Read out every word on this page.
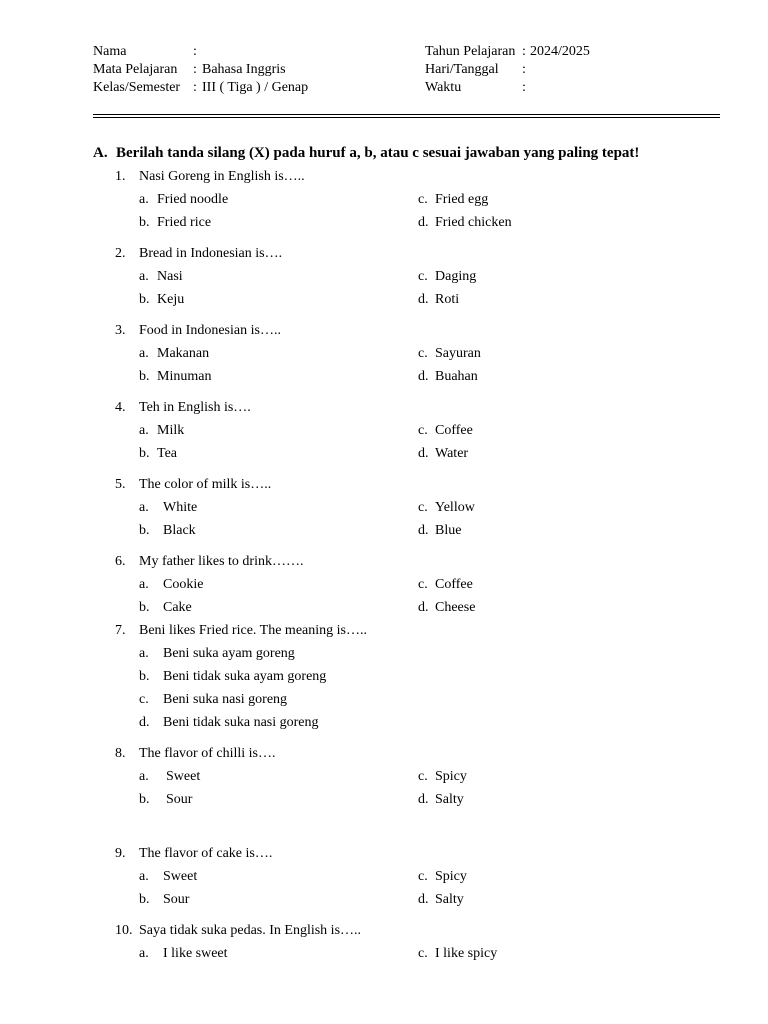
Nama	:	Tahun Pelajaran : 2024/2025
Mata Pelajaran : Bahasa Inggris	Hari/Tanggal :
Kelas/Semester : III ( Tiga ) / Genap	Waktu	:
A. Berilah tanda silang (X) pada huruf a, b, atau c sesuai jawaban yang paling tepat!
1. Nasi Goreng in English is…..
a. Fried noodle
b. Fried rice
c. Fried egg
d. Fried chicken
2. Bread in Indonesian is….
a. Nasi
b. Keju
c. Daging
d. Roti
3. Food in Indonesian is…..
a. Makanan
b. Minuman
c. Sayuran
d. Buahan
4. Teh in English is….
a. Milk
b. Tea
c. Coffee
d. Water
5. The color of milk is…..
a. White
b. Black
c. Yellow
d. Blue
6. My father likes to drink…….
a. Cookie
b. Cake
c. Coffee
d. Cheese
7. Beni likes Fried rice. The meaning is…..
a. Beni suka ayam goreng
b. Beni tidak suka ayam goreng
c. Beni suka nasi goreng
d. Beni tidak suka nasi goreng
8. The flavor of chilli is….
a. Sweet
b. Sour
c. Spicy
d. Salty
9. The flavor of cake is….
a. Sweet
b. Sour
c. Spicy
d. Salty
10. Saya tidak suka pedas. In English is…..
a. I like sweet	c. I like spicy
